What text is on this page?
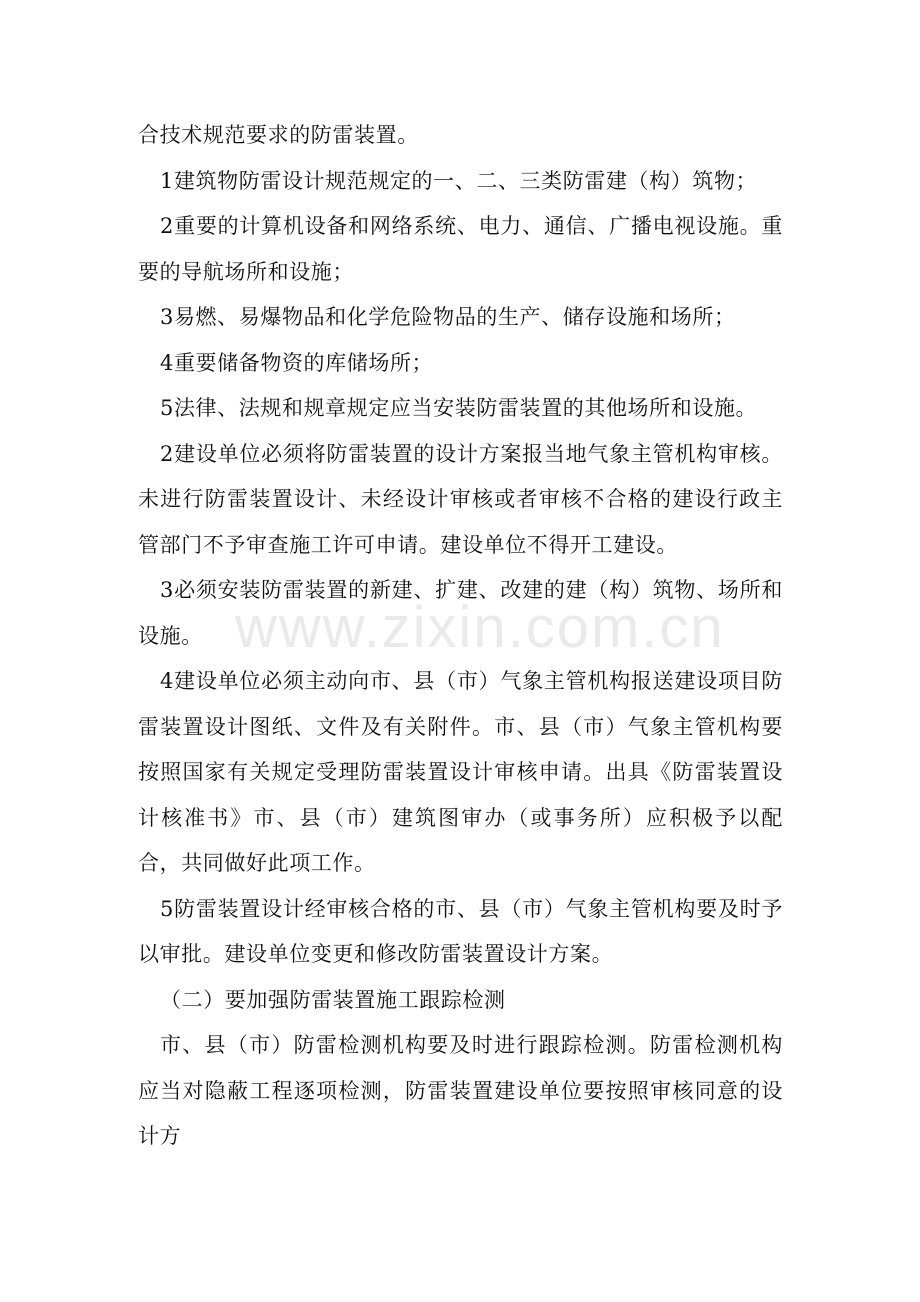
合技术规范要求的防雷装置。

1建筑物防雷设计规范规定的一、二、三类防雷建（构）筑物；

2重要的计算机设备和网络系统、电力、通信、广播电视设施。重要的导航场所和设施；

3易燃、易爆物品和化学危险物品的生产、储存设施和场所；

4重要储备物资的库储场所；

5法律、法规和规章规定应当安装防雷装置的其他场所和设施。

2建设单位必须将防雷装置的设计方案报当地气象主管机构审核。未进行防雷装置设计、未经设计审核或者审核不合格的建设行政主管部门不予审查施工许可申请。建设单位不得开工建设。

3必须安装防雷装置的新建、扩建、改建的建（构）筑物、场所和设施。

4建设单位必须主动向市、县（市）气象主管机构报送建设项目防雷装置设计图纸、文件及有关附件。市、县（市）气象主管机构要按照国家有关规定受理防雷装置设计审核申请。出具《防雷装置设计核准书》市、县（市）建筑图审办（或事务所）应积极予以配合，共同做好此项工作。

5防雷装置设计经审核合格的市、县（市）气象主管机构要及时予以审批。建设单位变更和修改防雷装置设计方案。

（二）要加强防雷装置施工跟踪检测

市、县（市）防雷检测机构要及时进行跟踪检测。防雷检测机构应当对隐蔽工程逐项检测，防雷装置建设单位要按照审核同意的设计方

www.zixin.com.cn
